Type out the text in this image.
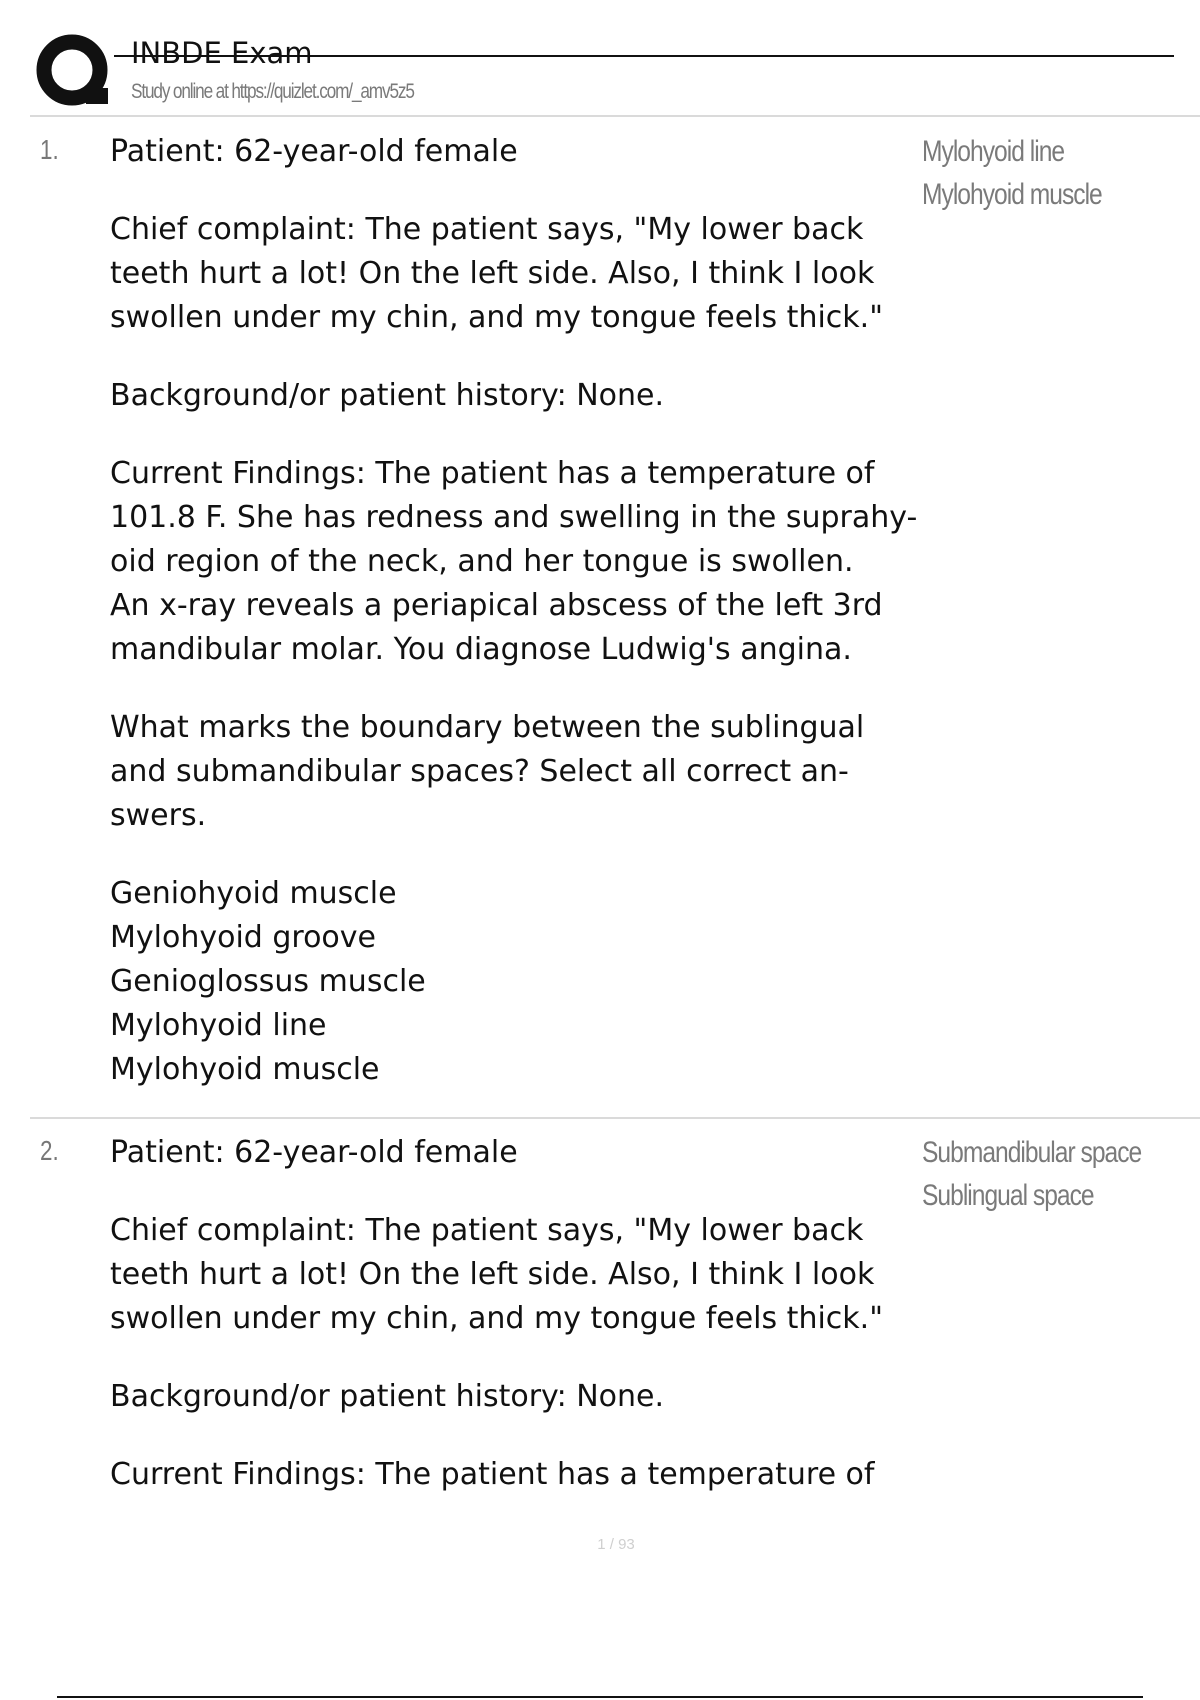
INBDE Exam
Study online at https://quizlet.com/_amv5z5
1. Patient: 62-year-old female

Chief complaint: The patient says, "My lower back
teeth hurt a lot! On the left side. Also, I think I look
swollen under my chin, and my tongue feels thick."

Background/or patient history: None.

Current Findings: The patient has a temperature of
101.8 F. She has redness and swelling in the suprahy-
oid region of the neck, and her tongue is swollen.
An x-ray reveals a periapical abscess of the left 3rd
mandibular molar. You diagnose Ludwig's angina.

What marks the boundary between the sublingual
and submandibular spaces? Select all correct an-
swers.

Geniohyoid muscle
Mylohyoid groove
Genioglossus muscle
Mylohyoid line
Mylohyoid muscle

Mylohyoid line
Mylohyoid muscle
2. Patient: 62-year-old female

Chief complaint: The patient says, "My lower back
teeth hurt a lot! On the left side. Also, I think I look
swollen under my chin, and my tongue feels thick."

Background/or patient history: None.

Current Findings: The patient has a temperature of

Submandibular space
Sublingual space
1 / 93
